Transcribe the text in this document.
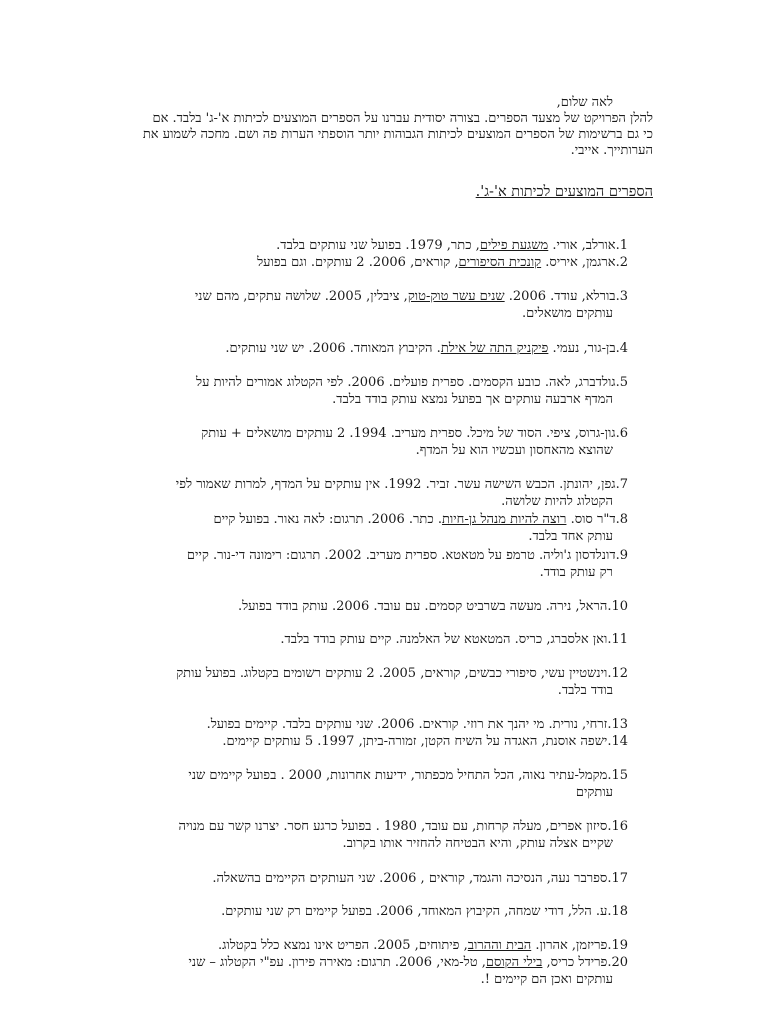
לאה שלום,
להלן הפרויקט של מצעד הספרים. בצורה יסודית עברנו על הספרים המוצעים לכיתות א'-ג' בלבד. אם
כי גם ברשימות של הספרים המוצעים לכיתות הגבוהות יותר הוספתי הערות פה ושם. מחכה לשמוע את
הערותייך. אייבי.
הספרים המוצעים לכיתות א'-ג'.
1.אורלב, אורי. משגעת פילים, כתר, 1979. בפועל שני עותקים בלבד.
2.ארגמן, איריס. קונכית הסיפורים, קוראים, 2006. 2 עותקים. וגם בפועל
3.בורלא, עודד. 2006. שנים עשר טוק-טוק, ציבלין, 2005. שלושה עתקים, מהם שני
עותקים מושאלים.
4.בן-גור, נעמי. פיקניק התה של אילת. הקיבוץ המאוחד. 2006. יש שני עותקים.
5.גולדברג, לאה. כובע הקסמים. ספרית פועלים. 2006. לפי הקטלוג אמורים להיות על
המדף ארבעה עותקים אך בפועל נמצא עותק בודד בלבד.
6.גון-גרוס, ציפי. הסוד של מיכל. ספרית מעריב. 1994. 2 עותקים מושאלים + עותק
שהוצא מהאחסון ועכשיו הוא על המדף.
7.גפן, יהונתן. הכבש השישה עשר. זביר. 1992. אין עותקים על המדף, למרות שאמור לפי
הקטלוג להיות שלושה.
8.ד"ר סוס. רוצה להיות מנהל גן-חיות. כתר. 2006. תרגום: לאה נאור. בפועל קיים
עותק אחד בלבד.
9.דונלדסון ג'וליה. טרמפ על מטאטא. ספרית מעריב. 2002. תרגום: רימונה די-נור. קיים
רק עותק בודד.
10.הראל, נירה. מעשה בשרביט קסמים. עם עובד. 2006. עותק בודד בפועל.
11.ואן אלסברג, כריס. המטאטא של האלמנה. קיים עותק בודד בלבד.
12.וינשטיין עשי, סיפורי כבשים, קוראים, 2005. 2 עותקים רשומים בקטלוג. בפועל עותק
בודד בלבד.
13.זרחי, נורית. מי יהנך את רוזי. קוראים. 2006. שני עותקים בלבד. קיימים בפועל.
14.ישפה אוסנת, האגדה על השיח הקטן, זמורה-ביתן, 1997. 5 עותקים קיימים.
15.מקמל-עתיר נאוה, הכל התחיל מכפתור, ידיעות אחרונות, 2000 . בפועל קיימים שני
עותקים
16.סיזון אפרים, מעלה קרחות, עם עובד, 1980 . בפועל כרגע חסר. יצרנו קשר עם מנויה
שקיים אצלה עותק, והיא הבטיחה להחזיר אותו בקרוב.
17.ספרבר נעה, הנסיכה והגמד, קוראים , 2006. שני העותקים הקיימים בהשאלה.
18.ע. הלל, דודי שמחה, הקיבוץ המאוחד, 2006. בפועל קיימים רק שני עותקים.
19.פריזמן, אהרון. הבית וההרוב, פיתוחים, 2005. הפריט אינו נמצא כלל בקטלוג.
20.פרידל כריס, בילי הקוסם, טל-מאי, 2006. תרגום: מאירה פירון. עפ"י הקטלוג – שני
עותקים ואכן הם קיימים !.
